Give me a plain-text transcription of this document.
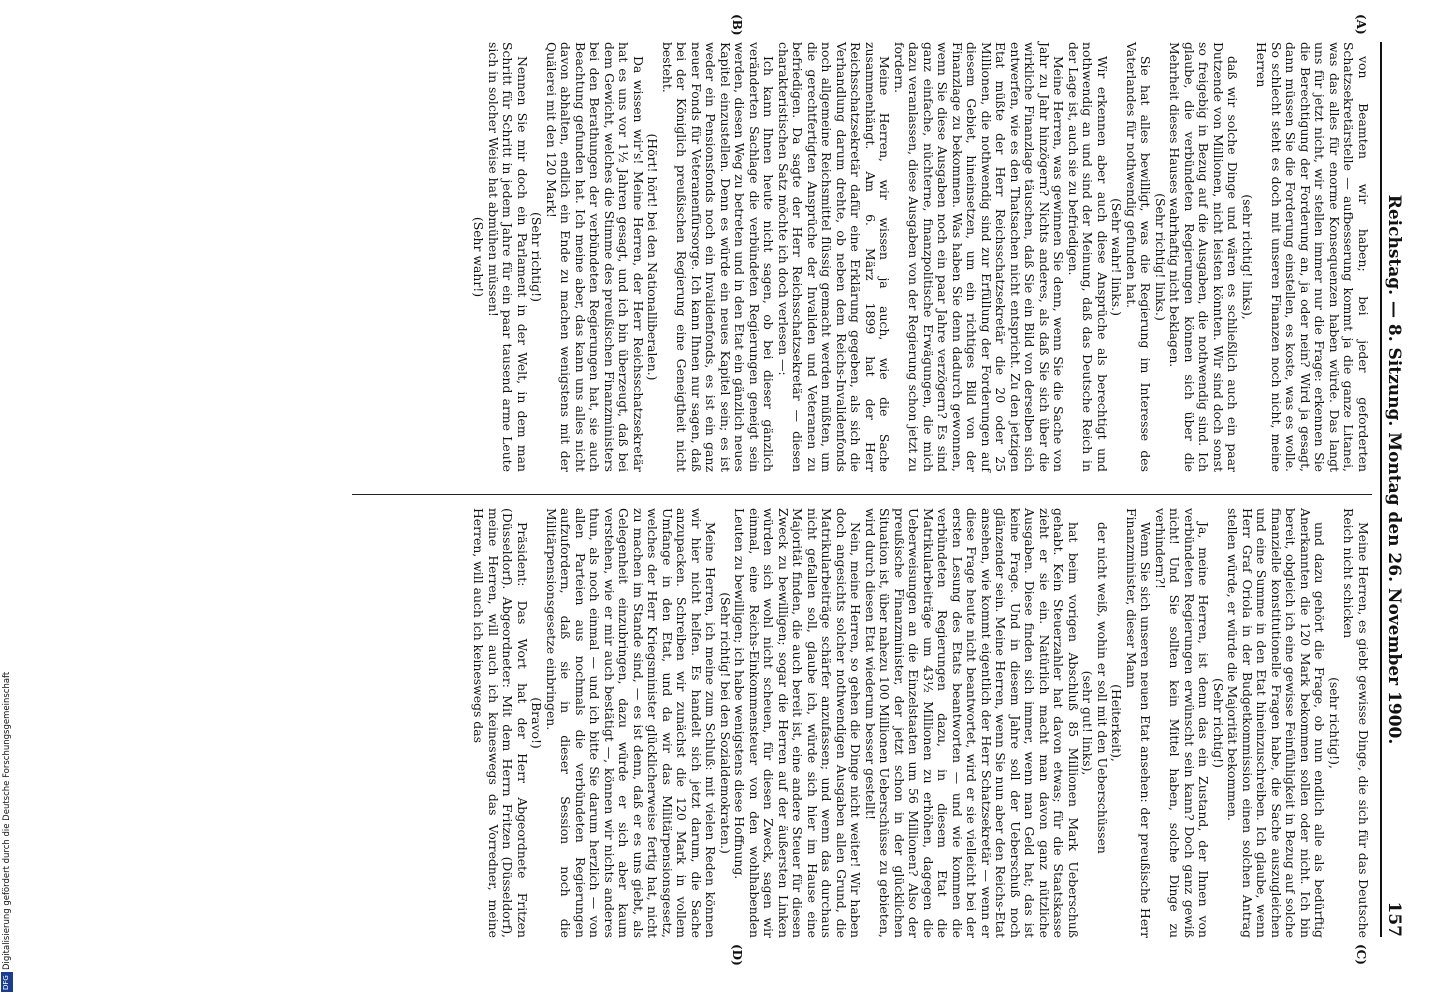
Reichstag. — 8. Sitzung. Montag den 26. November 1900.
157
(A)
(B)
(C)
(D)

von Beamten wir haben; bei jeder geforderten Schatzsekretärstelle — aufbesserung kommt ja die ganze Litanei, was das alles für enorme Konsequenzen haben würde. Das langt uns für jetzt nicht, wir stellen immer nur die Frage: erkennen Sie die Berechtigung der Forderung an, ja oder nein? Wird ja gesagt, dann müssen Sie die Forderung einstellen, es koste, was es wolle. So schlecht steht es doch mit unseren Finanzen noch nicht, meine Herren

(sehr richtig! links),

daß wir solche Dinge und wären es schließlich auch ein paar Dutzende von Millionen, nicht leisten könnten. Wir sind doch sonst so freigebig in Bezug auf die Ausgaben, die nothwendig sind. Ich glaube, die verbündeten Regierungen können sich über die Mehrheit dieses Hauses wahrhaftig nicht beklagen.

(Sehr richtig! links.)

Sie hat alles bewilligt, was die Regierung im Interesse des Vaterlandes für nothwendig gefunden hat.

(Sehr wahr! links.)

Wir erkennen aber auch diese Ansprüche als berechtigt und nothwendig an und sind der Meinung, daß das Deutsche Reich in der Lage ist, auch sie zu befriedigen.

Meine Herren, was gewinnen Sie denn, wenn Sie die Sache von Jahr zu Jahr hinzögern? Nichts anderes, als daß Sie sich über die wirkliche Finanzlage täuschen, daß Sie ein Bild von derselben sich entwerfen, wie es den Thatsachen nicht entspricht. Zu den jetzigen Etat müßte der Herr Reichsschatzsekretär die 20 oder 25 Millionen, die nothwendig sind zur Erfüllung der Forderungen auf diesem Gebiet, hineinsetzen, um ein richtiges Bild von der Finanzlage zu bekommen. Was haben Sie denn dadurch gewonnen, wenn Sie diese Ausgaben noch ein paar Jahre verzögern? Es sind ganz einfache, nüchterne, finanzpolitische Erwägungen, die mich dazu veranlassen, diese Ausgaben von der Regierung schon jetzt zu fordern.

Meine Herren, wir wissen ja auch, wie die Sache zusammenhängt. Am 6. März 1899 hat der Herr Reichsschatzsekretär dafür eine Erklärung gegeben, als sich die Verhandlung darum drehte, ob neben dem Reichs-Invalidenfonds noch allgemeine Reichsmittel flüssig gemacht werden müßten, um die gerechtfertigten Ansprüche der Invaliden und Veteranen zu befriedigen. Da sagte der Herr Reichsschatzsekretär — diesen charakteristischen Satz möchte ich doch verlesen —:

Ich kann Ihnen heute nicht sagen, ob bei dieser gänzlich veränderten Sachlage die verbündeten Regierungen geneigt sein werden, diesen Weg zu betreten und in den Etat ein gänzlich neues Kapitel einzustellen. Denn es würde ein neues Kapitel sein; es ist weder ein Pensionsfonds noch ein Invalidenfonds, es ist ein ganz neuer Fonds für Veteranenfürsorge. Ich kann Ihnen nur sagen, daß bei der Königlich preußischen Regierung eine Geneigtheit nicht besteht.

(Hört! hört! bei den Nationalliberalen.)

Da wissen wir's! Meine Herren, der Herr Reichsschatzsekretär hat es uns vor 1½ Jahren gesagt, und ich bin überzeugt, daß bei dem Gewicht, welches die Stimme des preußischen Finanzministers bei den Berathungen der verbündeten Regierungen hat, sie auch Beachtung gefunden hat. Ich meine aber, das kann uns alles nicht davon abhalten, endlich ein Ende zu machen wenigstens mit der Quälerei mit den 120 Mark!

(Sehr richtig!)

Nennen Sie mir doch ein Parlament in der Welt, in dem man Schritt für Schritt in jedem Jahre für ein paar tausend arme Leute sich in solcher Weise hat abmühen müssen!

(Sehr wahr!)

Meine Herren, es giebt gewisse Dinge, die sich für das Deutsche Reich nicht schicken

(sehr richtig!),

und dazu gehört die Frage, ob nun endlich alle als bedürftig Anerkannten die 120 Mark bekommen sollen oder nicht. Ich bin bereit, obgleich ich eine gewisse Feinfühligkeit in Bezug auf solche finanzielle konstitutionelle Fragen habe, die Sache auszugleichen und eine Summe in den Etat hineinzuschreiben. Ich glaube, wenn Herr Graf Oriola in der Budgetkommission einen solchen Antrag stellen würde, er würde die Majorität bekommen.

(Sehr richtig!)

Ja, meine Herren, ist denn das ein Zustand, der Ihnen von verbündeten Regierungen erwünscht sein kann? Doch ganz gewiß nicht! Und Sie sollten kein Mittel haben, solche Dinge zu verhindern?!

Wenn Sie sich unseren neuen Etat ansehen: der preußische Herr Finanzminister, dieser Mann

(Heiterkeit),

der nicht weiß, wohin er soll mit den Ueberschüssen

(sehr gut! links),

hat beim vorigen Abschluß 85 Millionen Mark Ueberschuß gehabt. Kein Steuerzahler hat davon etwas; für die Staatskasse zieht er sie ein. Natürlich macht man davon ganz nützliche Ausgaben. Diese finden sich immer, wenn man Geld hat; das ist keine Frage. Und in diesem Jahre soll der Ueberschuß noch glänzender sein. Meine Herren, wenn Sie nun aber den Reichs-Etat ansehen, wie kommt eigentlich der Herr Schatzsekretär — wenn er diese Frage heute nicht beantwortet, wird er sie vielleicht bei der ersten Lesung des Etats beantworten — und wie kommen die verbündeten Regierungen dazu, in diesem Etat die Matrikularbeiträge um 43½ Millionen zu erhöhen, dagegen die Ueberweisungen an die Einzelstaaten um 56 Millionen? Also der preußische Finanzminister, der jetzt schon in der glücklichen Situation ist, über nahezu 100 Millionen Ueberschüsse zu gebieten, wird durch diesen Etat wiederum besser gestellt!

Nein, meine Herren, so gehen die Dinge nicht weiter! Wir haben doch angesichts solcher nothwendigen Ausgaben allen Grund, die Matrikularbeiträge schärfer anzufassen; und wenn das durchaus nicht gefallen soll, glaube ich, würde sich hier im Hause eine Majorität finden, die auch bereit ist, eine andere Steuer für diesen Zweck zu bewilligen; sogar die Herren auf der äußersten Linken würden sich wohl nicht scheuen, für diesen Zweck, sagen wir einmal, eine Reichs-Einkommensteuer von den wohlhabenden Leuten zu bewilligen; ich habe wenigstens diese Hoffnung.

(Sehr richtig! bei den Sozialdemokraten.)

Meine Herren, ich meine zum Schluß: mit vielen Reden können wir hier nicht helfen. Es handelt sich jetzt darum, die Sache anzupacken. Schreiben wir zunächst die 120 Mark in vollem Umfange in den Etat, und da wir das Militärpensionsgesetz, welches der Herr Kriegsminister glücklicherweise fertig hat, nicht zu machen im Stande sind, — es ist denn, daß er es uns giebt, als Gelegenheit einzubringen, dazu würde er sich aber kaum verstehen, wie er mir auch bestätigt —, können wir nichts anderes thun, als noch einmal — und ich bitte Sie darum herzlich — von allen Parteien aus nochmals die verbündeten Regierungen aufzufordern, daß sie in dieser Session noch die Militärpensionsgesetze einbringen.

(Bravo!)

Präsident: Das Wort hat der Herr Abgeordnete Fritzen (Düsseldorf). Abgeordneter: Mit dem Herrn Fritzen (Düsseldorf), meine Herren, will auch ich keineswegs das Vorredner, meine Herren, will auch ich keineswegs das

Digitalisierung gefördert durch die Deutsche Forschungsgemeinschaft
DFG
